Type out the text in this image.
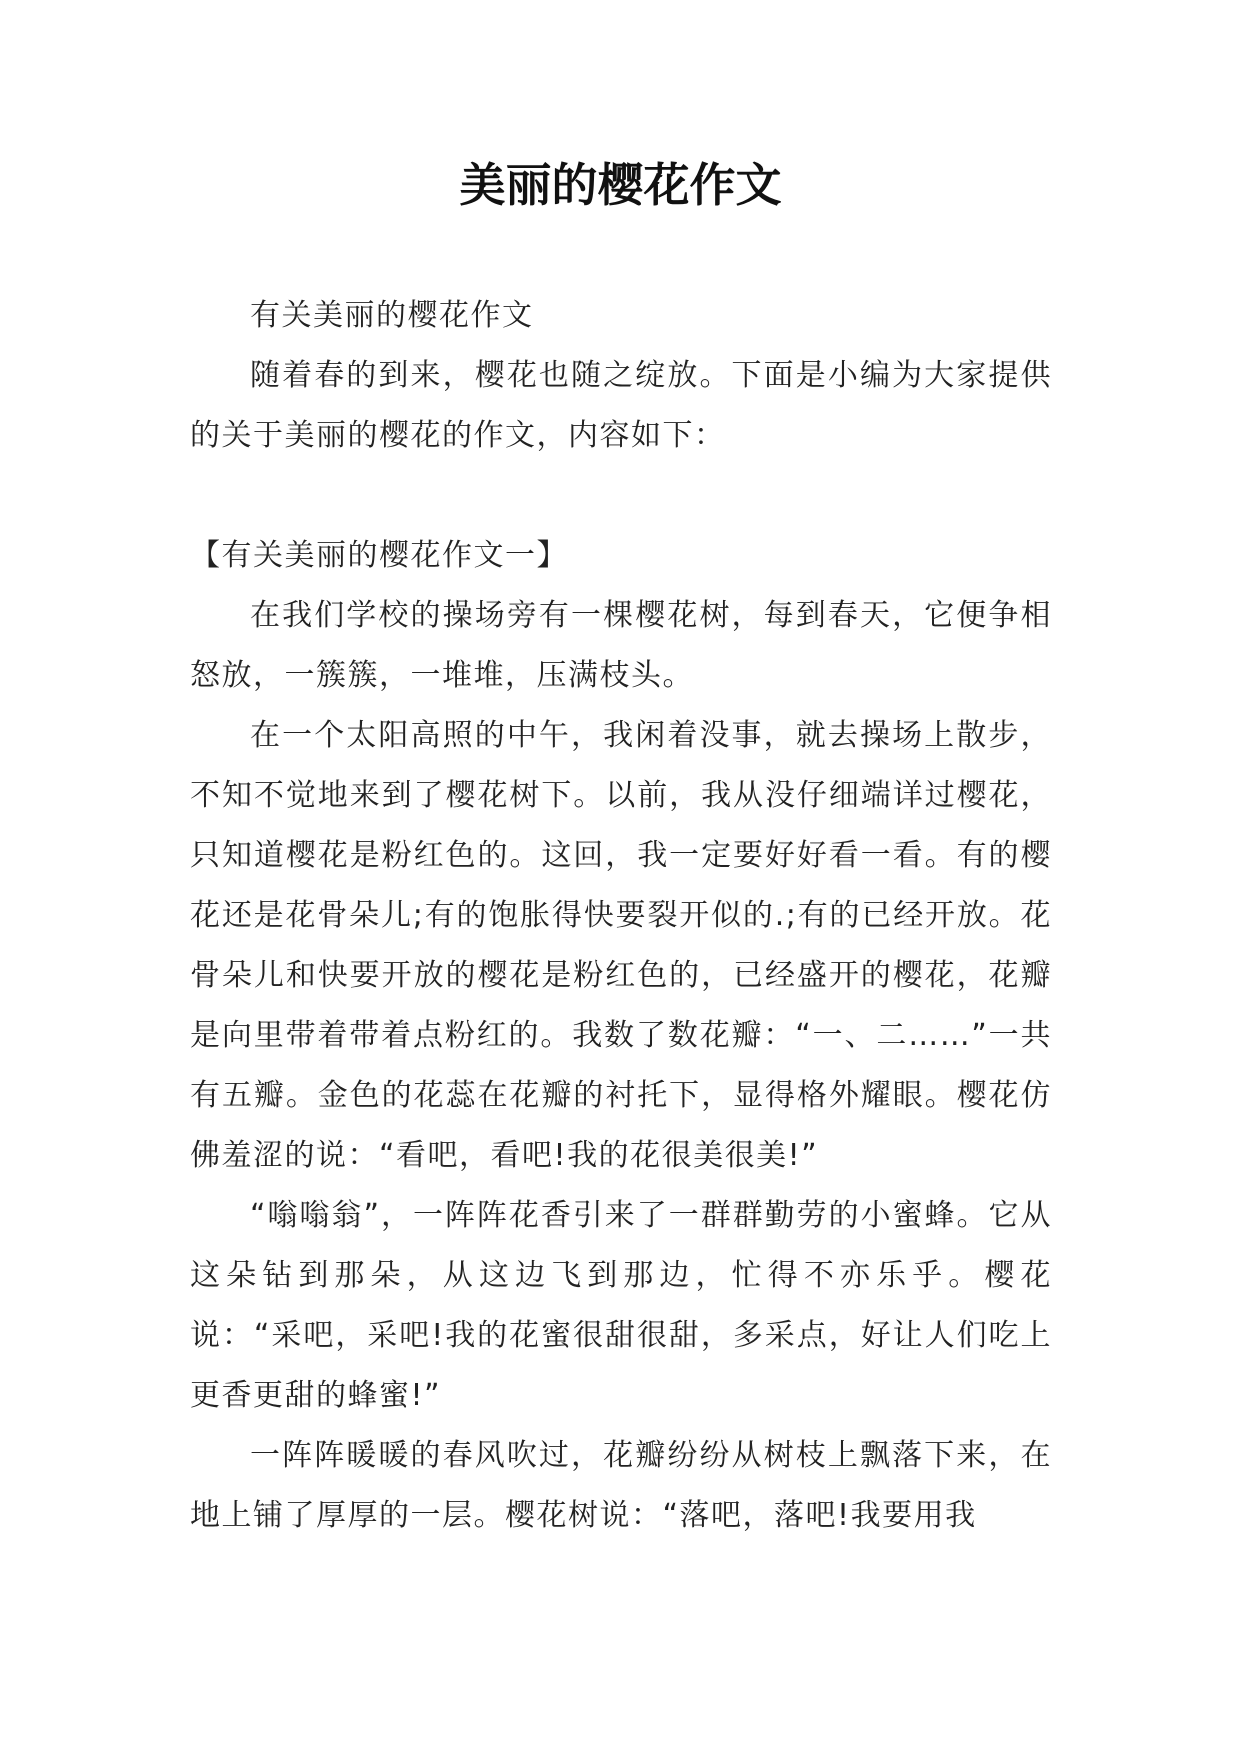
美丽的樱花作文

有关美丽的樱花作文

随着春的到来，樱花也随之绽放。下面是小编为大家提供的关于美丽的樱花的作文，内容如下：

【有关美丽的樱花作文一】

在我们学校的操场旁有一棵樱花树，每到春天，它便争相怒放，一簇簇，一堆堆，压满枝头。

在一个太阳高照的中午，我闲着没事，就去操场上散步，不知不觉地来到了樱花树下。以前，我从没仔细端详过樱花，只知道樱花是粉红色的。这回，我一定要好好看一看。有的樱花还是花骨朵儿;有的饱胀得快要裂开似的.;有的已经开放。花骨朵儿和快要开放的樱花是粉红色的，已经盛开的樱花，花瓣是向里带着带着点粉红的。我数了数花瓣：“一、二……”一共有五瓣。金色的花蕊在花瓣的衬托下，显得格外耀眼。樱花仿佛羞涩的说：“看吧，看吧!我的花很美很美!”

“嗡嗡翁”，一阵阵花香引来了一群群勤劳的小蜜蜂。它从这朵钻到那朵，从这边飞到那边，忙得不亦乐乎。樱花说：“采吧，采吧!我的花蜜很甜很甜，多采点，好让人们吃上更香更甜的蜂蜜!”

一阵阵暖暖的春风吹过，花瓣纷纷从树枝上飘落下来，在地上铺了厚厚的一层。樱花树说：“落吧，落吧!我要用我
